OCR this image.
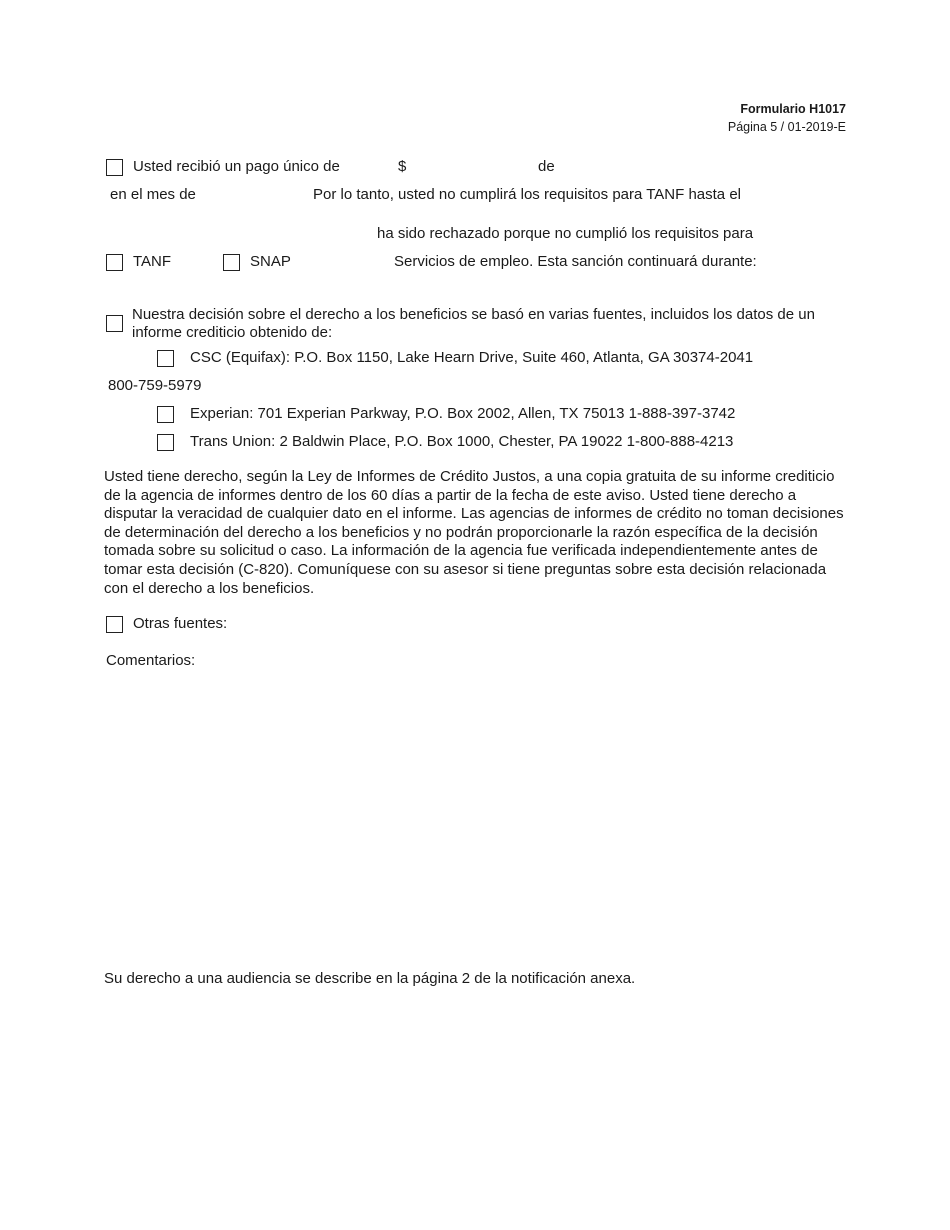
Formulario H1017
Página 5 / 01-2019-E
Usted recibió un pago único de	$	de
en el mes de	Por lo tanto, usted no cumplirá los requisitos para TANF hasta el
ha sido rechazado porque no cumplió los requisitos para
TANF	SNAP	Servicios de empleo. Esta sanción continuará durante:
Nuestra decisión sobre el derecho a los beneficios se basó en varias fuentes, incluidos los datos de un informe crediticio obtenido de:
CSC (Equifax): P.O. Box 1150, Lake Hearn Drive, Suite 460, Atlanta, GA 30374-2041
800-759-5979
Experian: 701 Experian Parkway, P.O. Box 2002, Allen, TX 75013 1-888-397-3742
Trans Union: 2 Baldwin Place, P.O. Box 1000, Chester, PA 19022 1-800-888-4213
Usted tiene derecho, según la Ley de Informes de Crédito Justos, a una copia gratuita de su informe crediticio de la agencia de informes dentro de los 60 días a partir de la fecha de este aviso. Usted tiene derecho a disputar la veracidad de cualquier dato en el informe. Las agencias de informes de crédito no toman decisiones de determinación del derecho a los beneficios y no podrán proporcionarle la razón específica de la decisión tomada sobre su solicitud o caso. La información de la agencia fue verificada independientemente antes de tomar esta decisión (C-820). Comuníquese con su asesor si tiene preguntas sobre esta decisión relacionada con el derecho a los beneficios.
Otras fuentes:
Comentarios:
Su derecho a una audiencia se describe en la página 2 de la notificación anexa.
